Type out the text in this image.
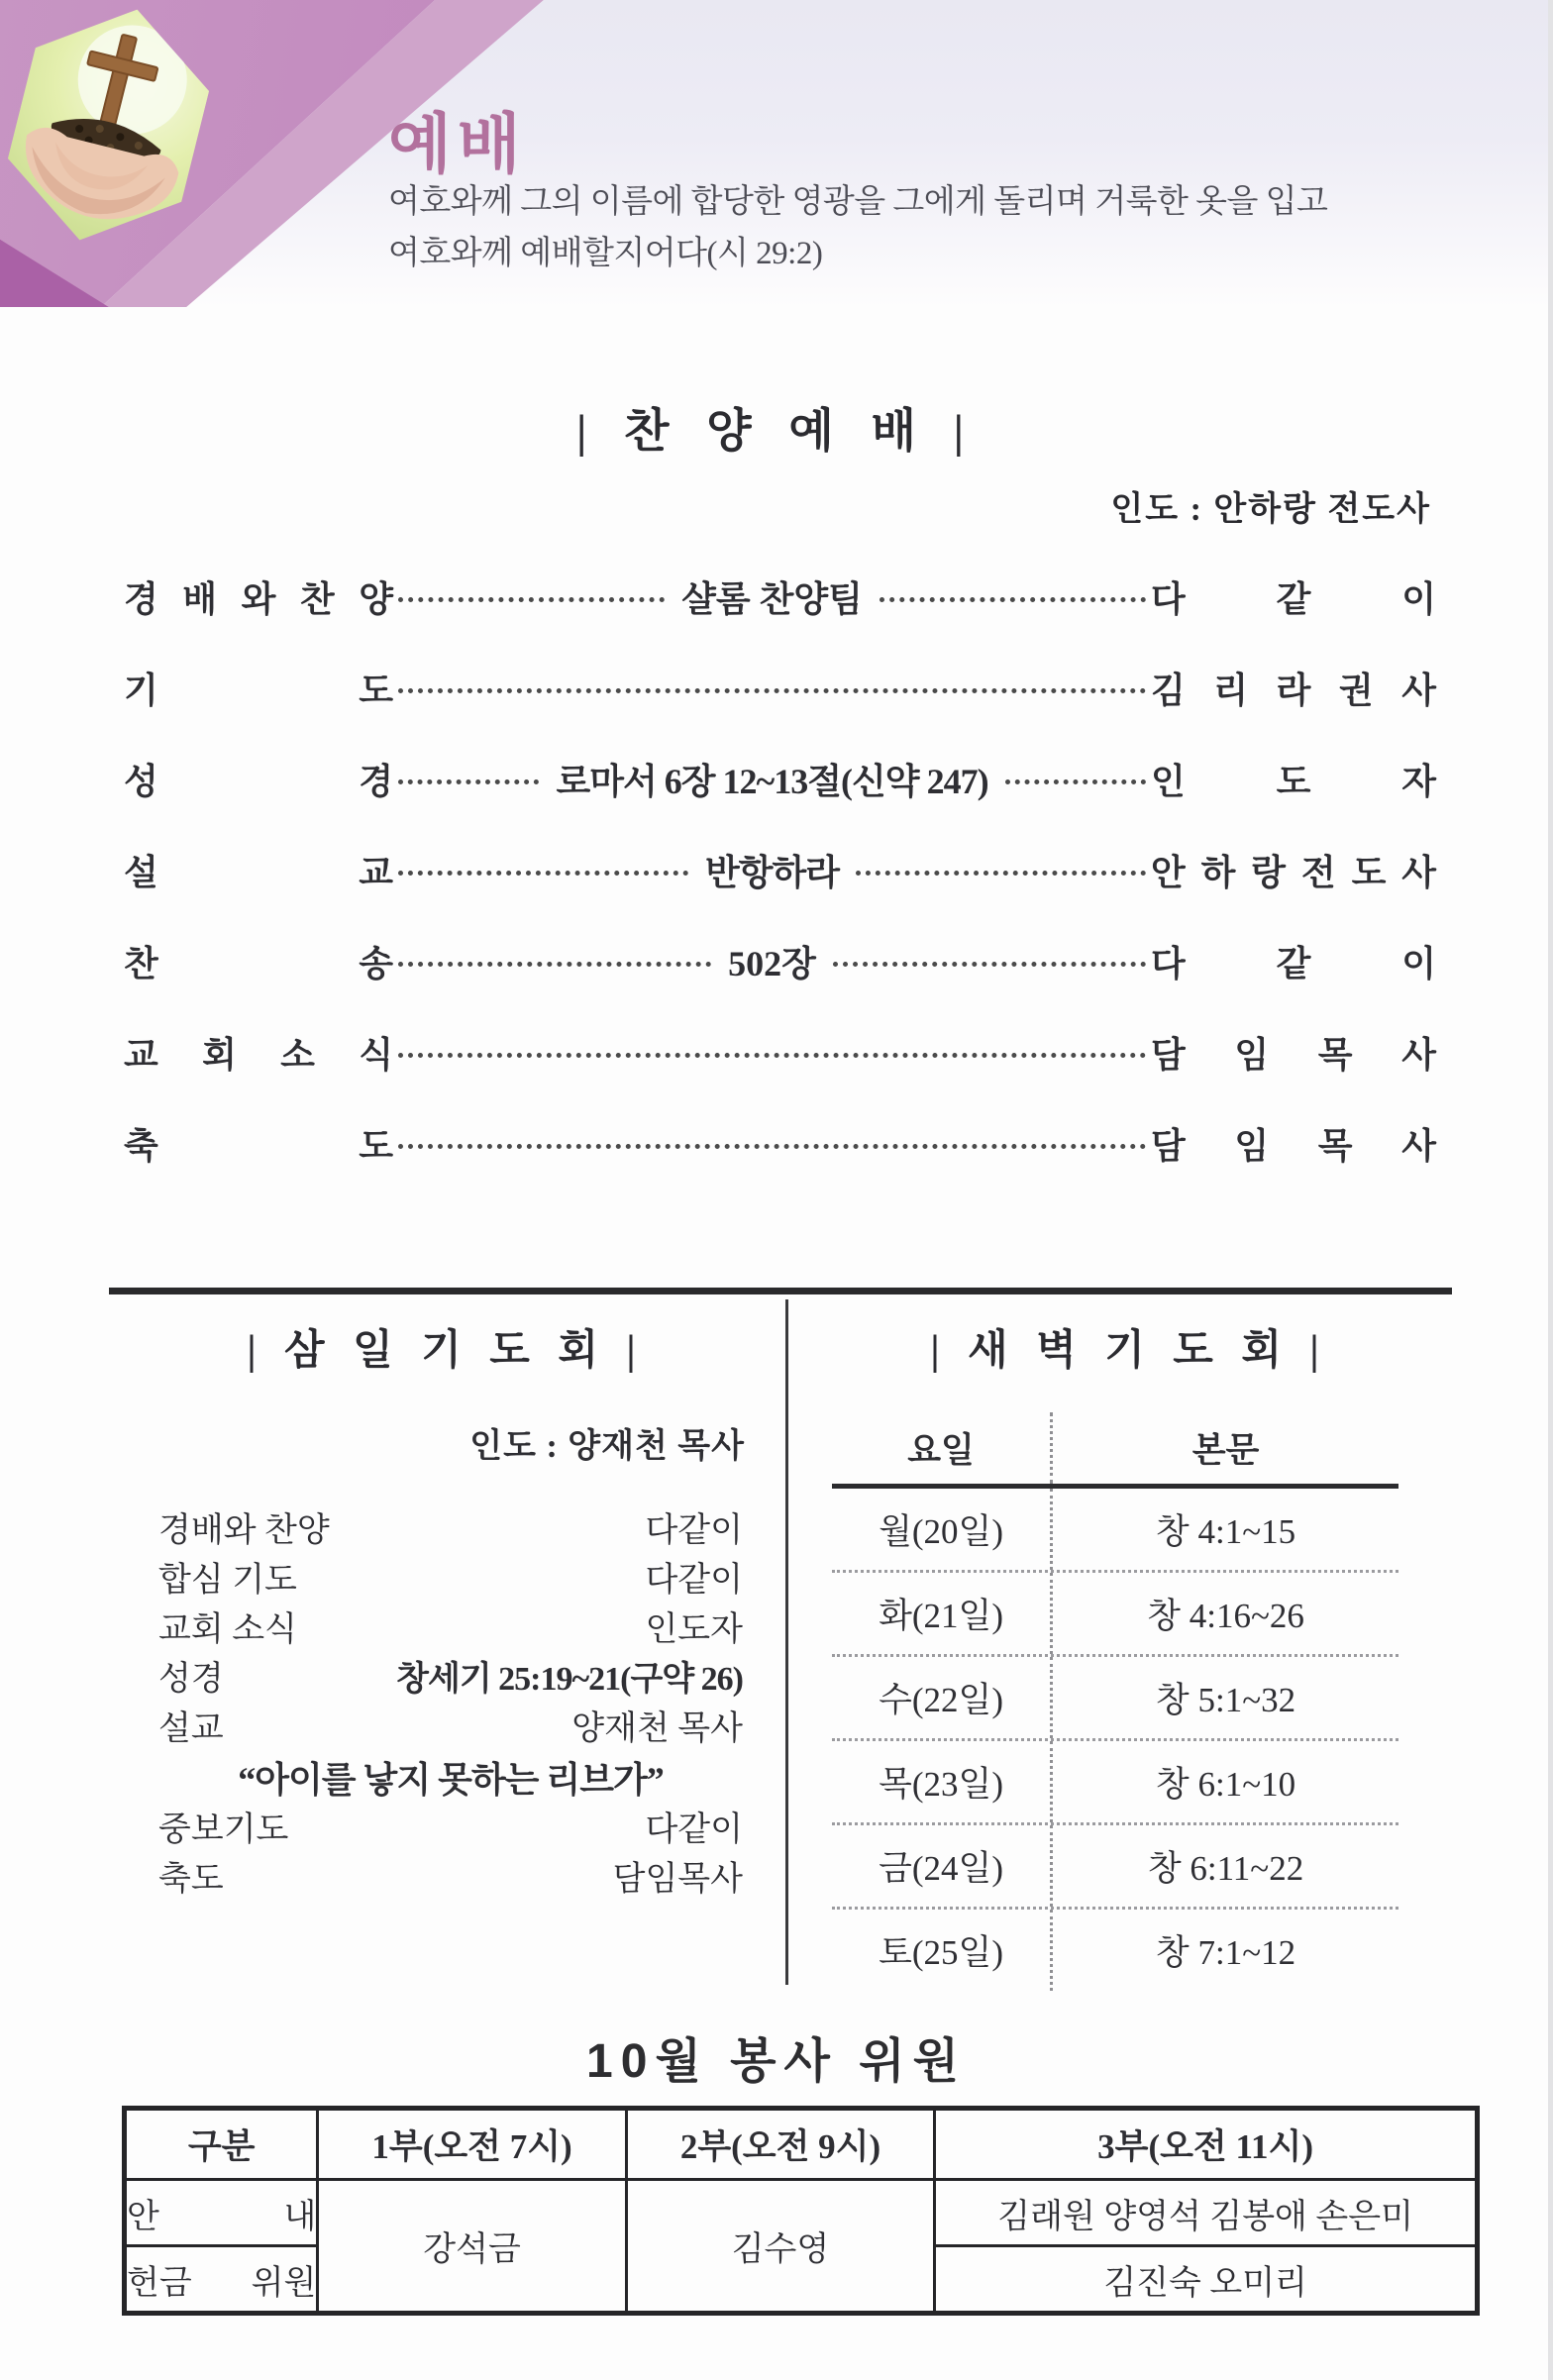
예배

여호와께 그의 이름에 합당한 영광을 그에게 돌리며 거룩한 옷을 입고
여호와께 예배할지어다(시 29:2)

| 찬 양 예 배 |
인도 : 안하랑 전도사
경 배 와 찬 양	샬롬 찬양팀	다 같 이
기 도	김 리 라 권 사
성 경	로마서 6장 12~13절(신약 247)	인 도 자
설 교	반항하라	안 하 랑 전 도 사
찬 송	502장	다 같 이
교 회 소 식	담 임 목 사
축 도	담 임 목 사
| 삼 일 기 도 회 |
인도 : 양재천 목사
경배와 찬양	다같이
합심 기도	다같이
교회 소식	인도자
성경	창세기 25:19~21(구약 26)
설교	양재천 목사
“아이를 낳지 못하는 리브가”
중보기도	다같이
축도	담임목사
| 새 벽 기 도 회 |
요일	본문
월(20일)	창 4:1~15
화(21일)	창 4:16~26
수(22일)	창 5:1~32
목(23일)	창 6:1~10
금(24일)	창 6:11~22
토(25일)	창 7:1~12
10월 봉사 위원
구분	1부(오전 7시)	2부(오전 9시)	3부(오전 11시)
안 내	강석금	김수영	김래원 양영석 김봉애 손은미
헌금 위원			김진숙 오미리
